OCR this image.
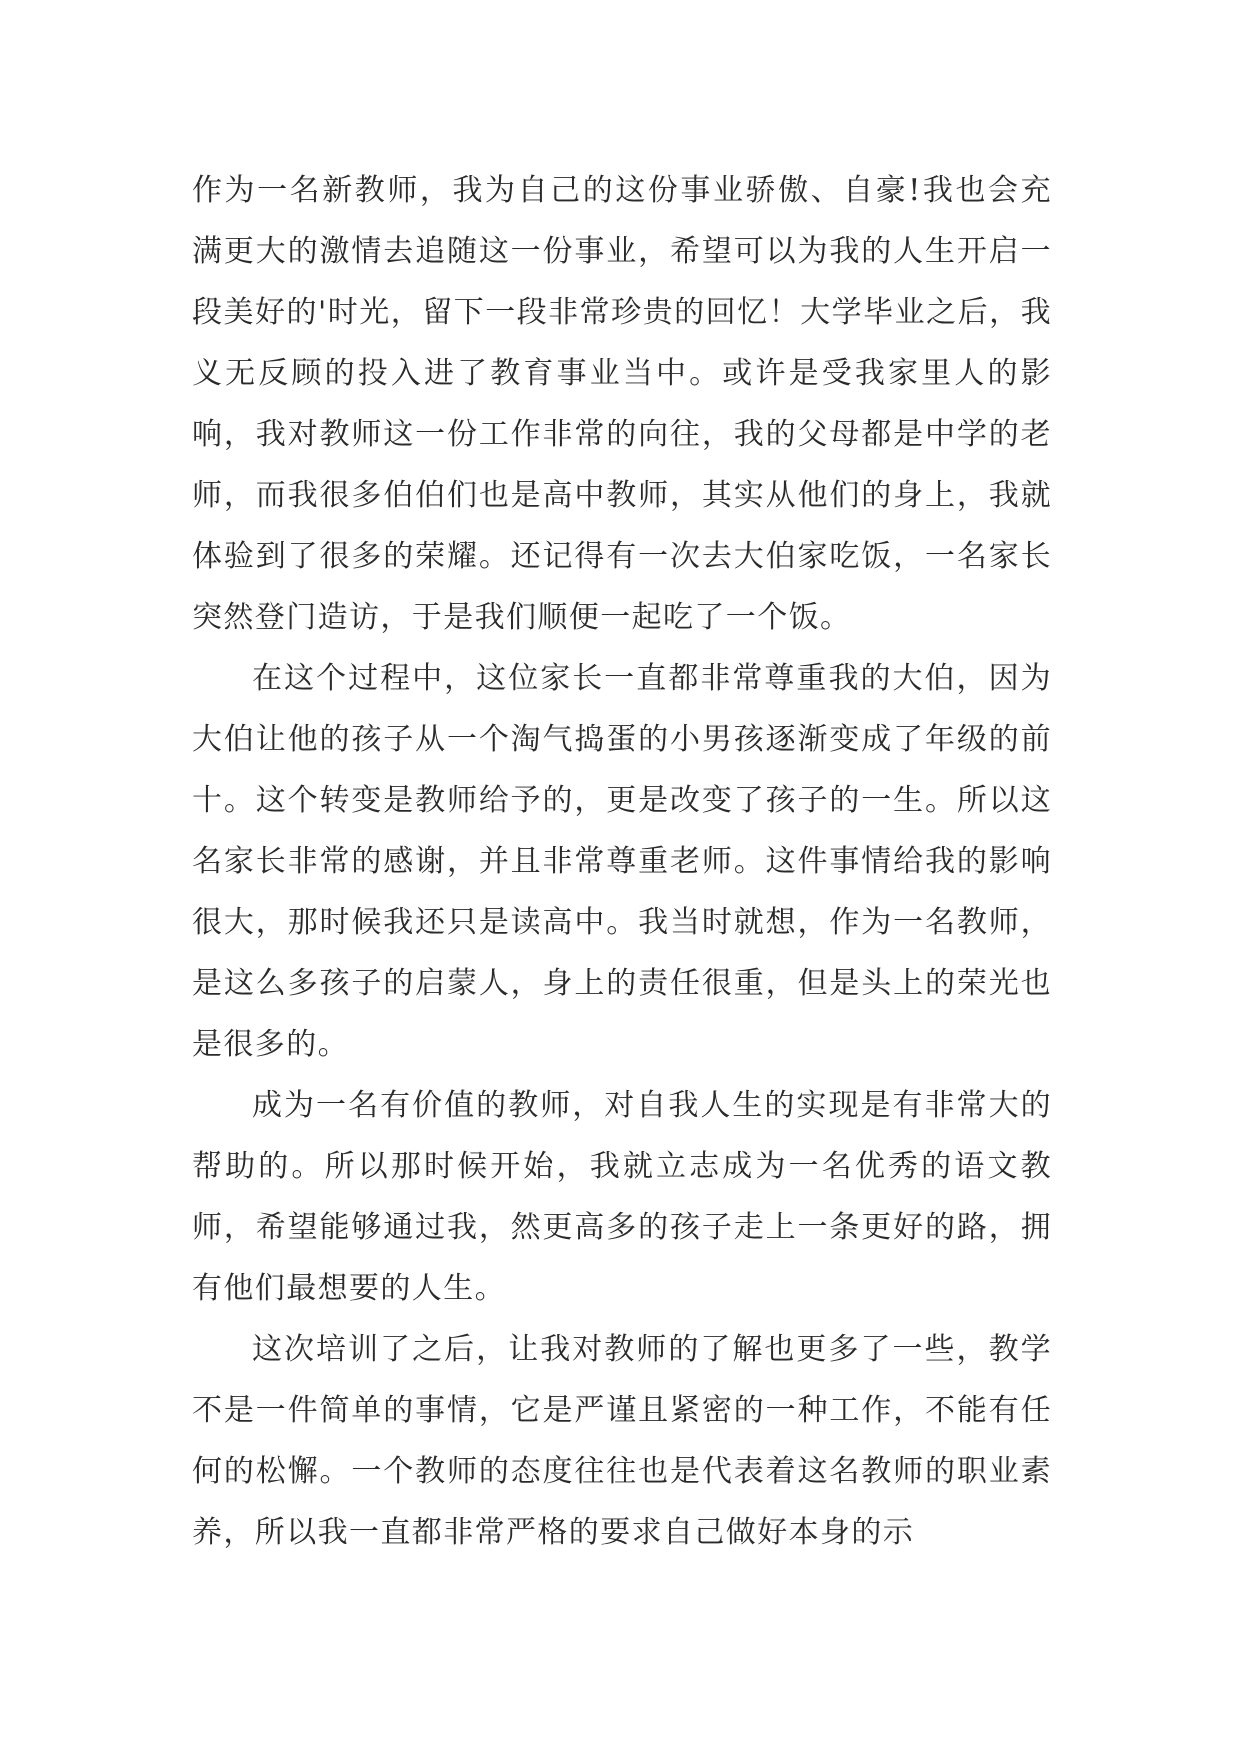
作为一名新教师，我为自己的这份事业骄傲、自豪!我也会充满更大的激情去追随这一份事业，希望可以为我的人生开启一段美好的'时光，留下一段非常珍贵的回忆！大学毕业之后，我义无反顾的投入进了教育事业当中。或许是受我家里人的影响，我对教师这一份工作非常的向往，我的父母都是中学的老师，而我很多伯伯们也是高中教师，其实从他们的身上，我就体验到了很多的荣耀。还记得有一次去大伯家吃饭，一名家长突然登门造访，于是我们顺便一起吃了一个饭。

在这个过程中，这位家长一直都非常尊重我的大伯，因为大伯让他的孩子从一个淘气捣蛋的小男孩逐渐变成了年级的前十。这个转变是教师给予的，更是改变了孩子的一生。所以这名家长非常的感谢，并且非常尊重老师。这件事情给我的影响很大，那时候我还只是读高中。我当时就想，作为一名教师，是这么多孩子的启蒙人，身上的责任很重，但是头上的荣光也是很多的。

成为一名有价值的教师，对自我人生的实现是有非常大的帮助的。所以那时候开始，我就立志成为一名优秀的语文教师，希望能够通过我，然更高多的孩子走上一条更好的路，拥有他们最想要的人生。

这次培训了之后，让我对教师的了解也更多了一些，教学不是一件简单的事情，它是严谨且紧密的一种工作，不能有任何的松懈。一个教师的态度往往也是代表着这名教师的职业素养，所以我一直都非常严格的要求自己做好本身的示
